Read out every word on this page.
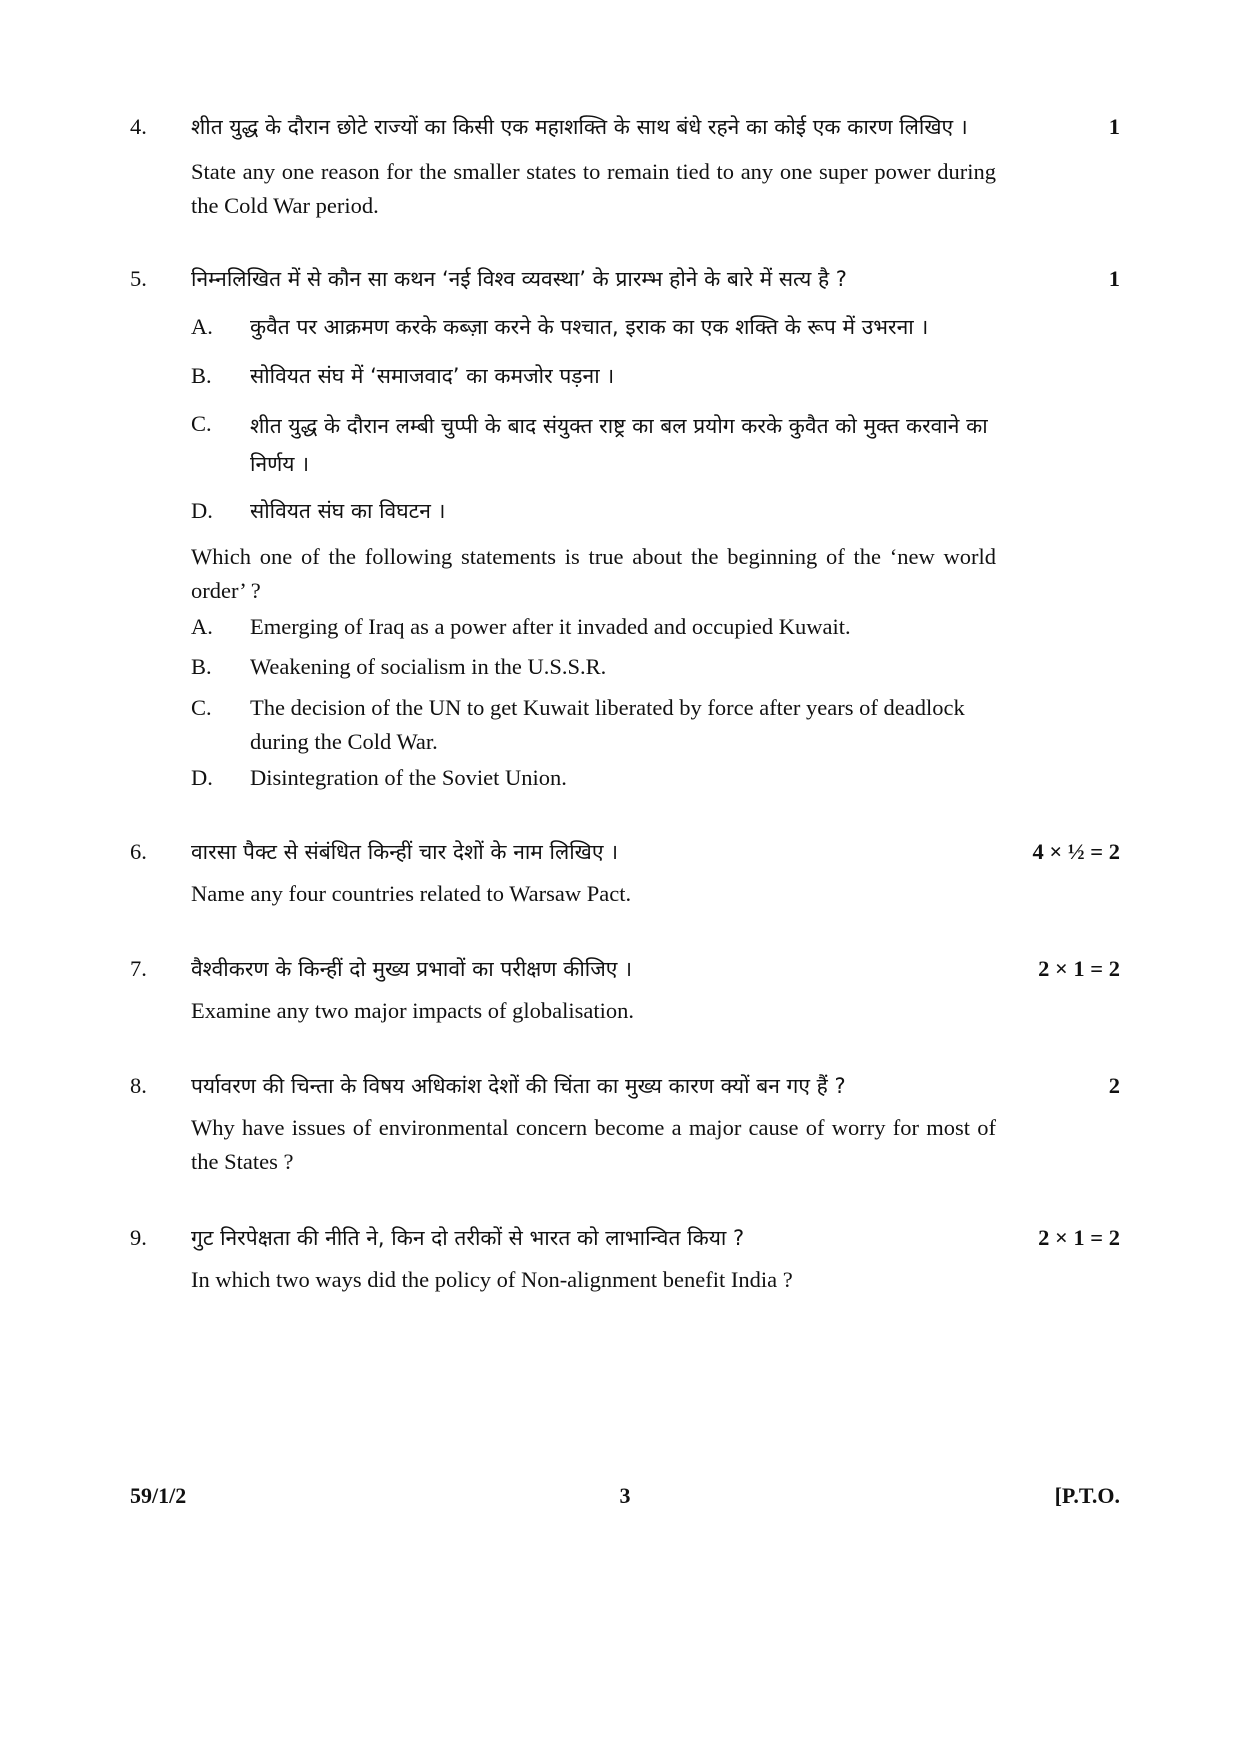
4.	शीत युद्ध के दौरान छोटे राज्यों का किसी एक महाशक्ति के साथ बंधे रहने का कोई एक कारण लिखिए ।	1
State any one reason for the smaller states to remain tied to any one super power during the Cold War period.
5.	निम्नलिखित में से कौन सा कथन ‘नई विश्व व्यवस्था’ के प्रारम्भ होने के बारे में सत्य है ?	1
A.	कुवैत पर आक्रमण करके कब्ज़ा करने के पश्चात, इराक का एक शक्ति के रूप में उभरना ।
B.	सोवियत संघ में ‘समाजवाद’ का कमजोर पड़ना ।
C.	शीत युद्ध के दौरान लम्बी चुप्पी के बाद संयुक्त राष्ट्र का बल प्रयोग करके कुवैत को मुक्त करवाने का निर्णय ।
D.	सोवियत संघ का विघटन ।
Which one of the following statements is true about the beginning of the ‘new world order’ ?
A.	Emerging of Iraq as a power after it invaded and occupied Kuwait.
B.	Weakening of socialism in the U.S.S.R.
C.	The decision of the UN to get Kuwait liberated by force after years of deadlock during the Cold War.
D.	Disintegration of the Soviet Union.
6.	वारसा पैक्ट से संबंधित किन्हीं चार देशों के नाम लिखिए ।	4 × ½ = 2
Name any four countries related to Warsaw Pact.
7.	वैश्वीकरण के किन्हीं दो मुख्य प्रभावों का परीक्षण कीजिए ।	2 × 1 = 2
Examine any two major impacts of globalisation.
8.	पर्यावरण की चिन्ता के विषय अधिकांश देशों की चिंता का मुख्य कारण क्यों बन गए हैं ?	2
Why have issues of environmental concern become a major cause of worry for most of the States ?
9.	गुट निरपेक्षता की नीति ने, किन दो तरीकों से भारत को लाभान्वित किया ?	2 × 1 = 2
In which two ways did the policy of Non-alignment benefit India ?
59/1/2	3	[P.T.O.
